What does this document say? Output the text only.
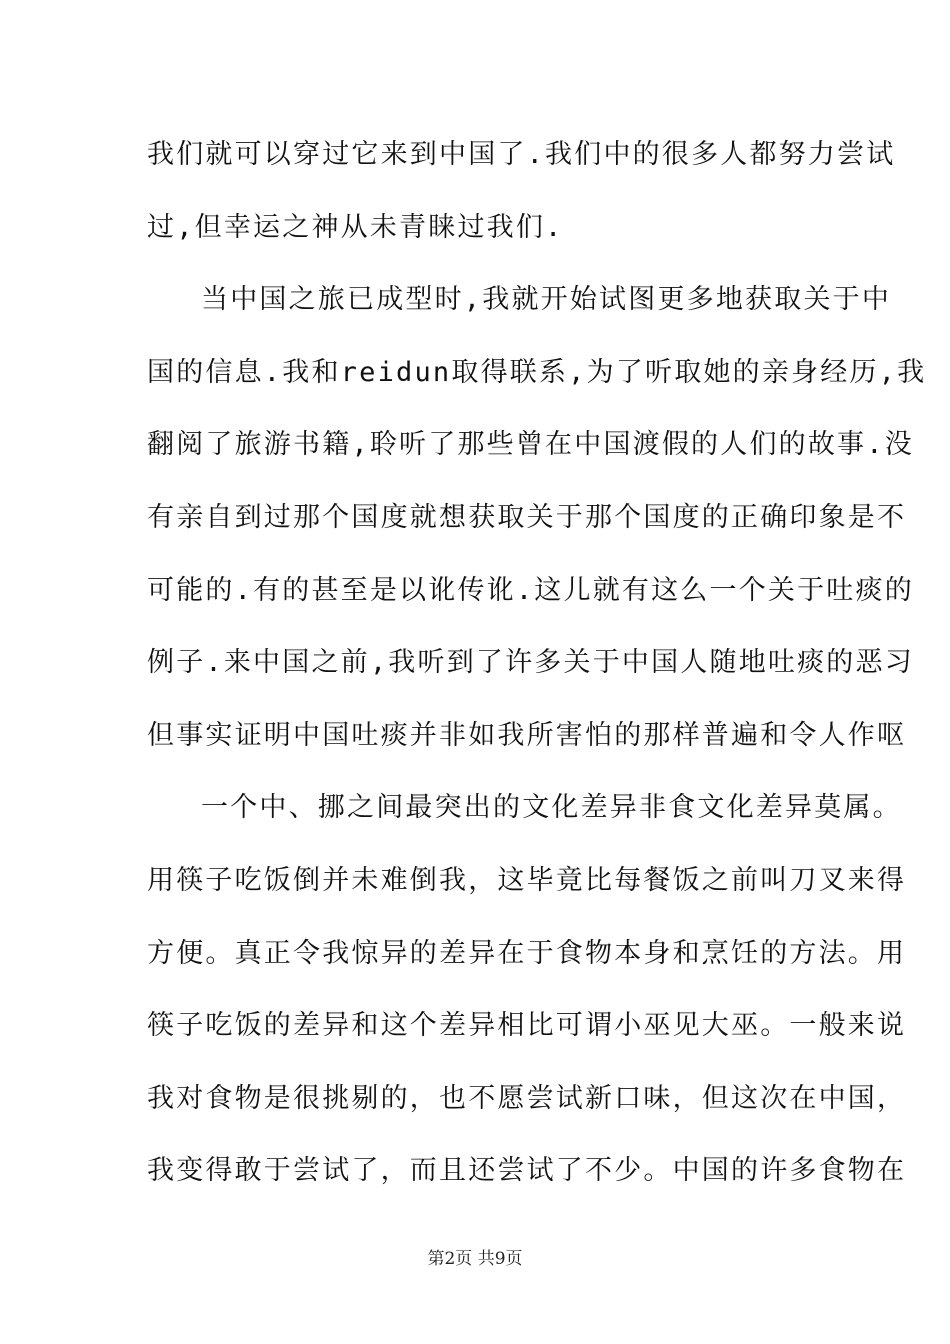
我们就可以穿过它来到中国了.我们中的很多人都努力尝试
过,但幸运之神从未青睐过我们.
当中国之旅已成型时,我就开始试图更多地获取关于中
国的信息.我和reidun取得联系,为了听取她的亲身经历,我
翻阅了旅游书籍,聆听了那些曾在中国渡假的人们的故事.没
有亲自到过那个国度就想获取关于那个国度的正确印象是不
可能的.有的甚至是以讹传讹.这儿就有这么一个关于吐痰的
例子.来中国之前,我听到了许多关于中国人随地吐痰的恶习
但事实证明中国吐痰并非如我所害怕的那样普遍和令人作呕
一个中、挪之间最突出的文化差异非食文化差异莫属。
用筷子吃饭倒并未难倒我，这毕竟比每餐饭之前叫刀叉来得
方便。真正令我惊异的差异在于食物本身和烹饪的方法。用
筷子吃饭的差异和这个差异相比可谓小巫见大巫。一般来说
我对食物是很挑剔的，也不愿尝试新口味，但这次在中国，
我变得敢于尝试了，而且还尝试了不少。中国的许多食物在
第2页 共9页
